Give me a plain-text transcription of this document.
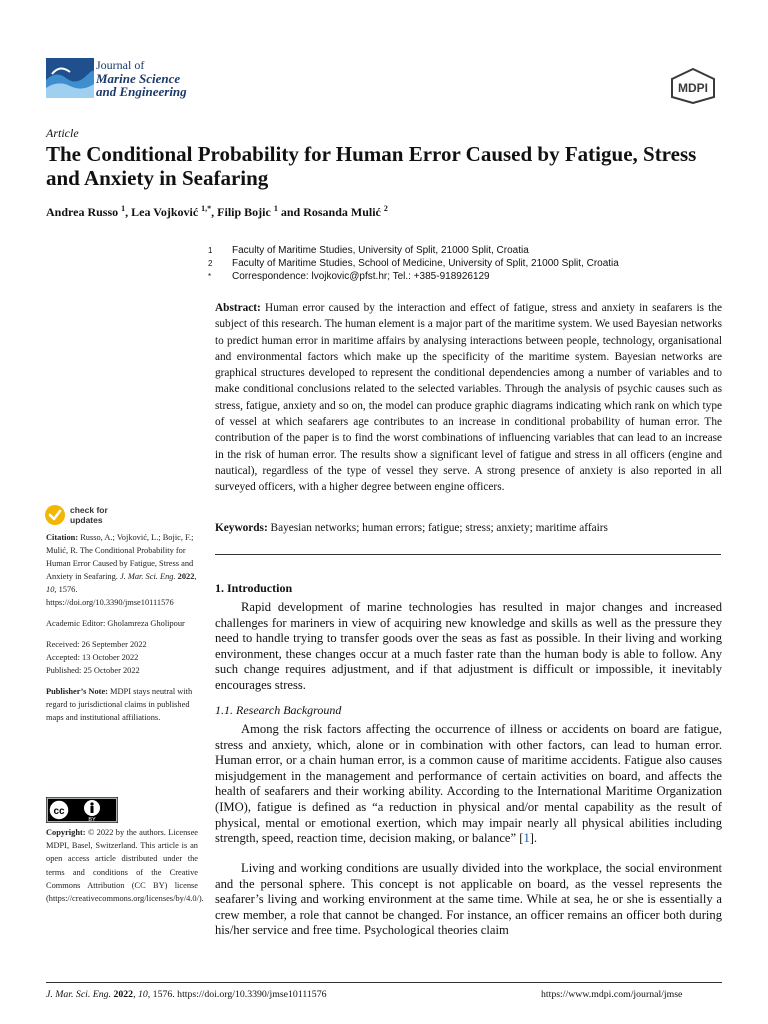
Journal of
Marine Science
and Engineering	MDPI
Article
The Conditional Probability for Human Error Caused by Fatigue, Stress and Anxiety in Seafaring
Andrea Russo $^1$, Lea Vojković $^{1,*}$, Filip Bojic $^1$ and Rosanda Mulić $^2$
1	Faculty of Maritime Studies, University of Split, 21000 Split, Croatia
2	Faculty of Maritime Studies, School of Medicine, University of Split, 21000 Split, Croatia
*	Correspondence: lvojkovic@pfst.hr; Tel.: +385-918926129
Abstract: Human error caused by the interaction and effect of fatigue, stress and anxiety in seafarers is the subject of this research. The human element is a major part of the maritime system. We used Bayesian networks to predict human error in maritime affairs by analysing interactions between people, technology, organisational and environmental factors which make up the specificity of the maritime system. Bayesian networks are graphical structures developed to represent the conditional dependencies among a number of variables and to make conditional conclusions related to the selected variables. Through the analysis of psychic causes such as stress, fatigue, anxiety and so on, the model can produce graphic diagrams indicating which rank on which type of vessel at which seafarers age contributes to an increase in conditional probability of human error. The contribution of the paper is to find the worst combinations of influencing variables that can lead to an increase in the risk of human error. The results show a significant level of fatigue and stress in all officers (engine and nautical), regardless of the type of vessel they serve. A strong presence of anxiety is also reported in all surveyed officers, with a higher degree between engine officers.
Keywords: Bayesian networks; human errors; fatigue; stress; anxiety; maritime affairs
check for
updates

Citation: Russo, A.; Vojković, L.; Bojic, F.; Mulić, R. The Conditional Probability for Human Error Caused by Fatigue, Stress and Anxiety in Seafaring. J. Mar. Sci. Eng. 2022, 10, 1576. https://doi.org/10.3390/jmse10111576

Academic Editor: Gholamreza Gholipour

Received: 26 September 2022

Accepted: 13 October 2022

Published: 25 October 2022

Publisher’s Note: MDPI stays neutral with regard to jurisdictional claims in published maps and institutional affiliations.

cc
BY
Copyright: © 2022 by the authors. Licensee MDPI, Basel, Switzerland. This article is an open access article distributed under the terms and conditions of the Creative Commons Attribution (CC BY) license (https://creativecommons.org/licenses/by/4.0/).
1. Introduction
Rapid development of marine technologies has resulted in major changes and increased challenges for mariners in view of acquiring new knowledge and skills as well as the pressure they need to handle trying to transfer goods over the seas as fast as possible. In their living and working environment, these changes occur at a much faster rate than the human body is able to follow. Any such change requires adjustment, and if that adjustment is difficult or impossible, it inevitably encourages stress.
1.1. Research Background
Among the risk factors affecting the occurrence of illness or accidents on board are fatigue, stress and anxiety, which, alone or in combination with other factors, can lead to human error. Human error, or a chain human error, is a common cause of maritime accidents. Fatigue also causes misjudgement in the management and performance of certain activities on board, and affects the health of seafarers and their working ability. According to the International Maritime Organization (IMO), fatigue is defined as “a reduction in physical and/or mental capability as the result of physical, mental or emotional exertion, which may impair nearly all physical abilities including strength, speed, reaction time, decision making, or balance” [1].
Living and working conditions are usually divided into the workplace, the social environment and the personal sphere. This concept is not applicable on board, as the vessel represents the seafarer’s living and working environment at the same time. While at sea, he or she is essentially a crew member, a role that cannot be changed. For instance, an officer remains an officer both during his/her service and free time. Psychological theories claim
J. Mar. Sci. Eng. 2022, 10, 1576. https://doi.org/10.3390/jmse10111576	https://www.mdpi.com/journal/jmse
